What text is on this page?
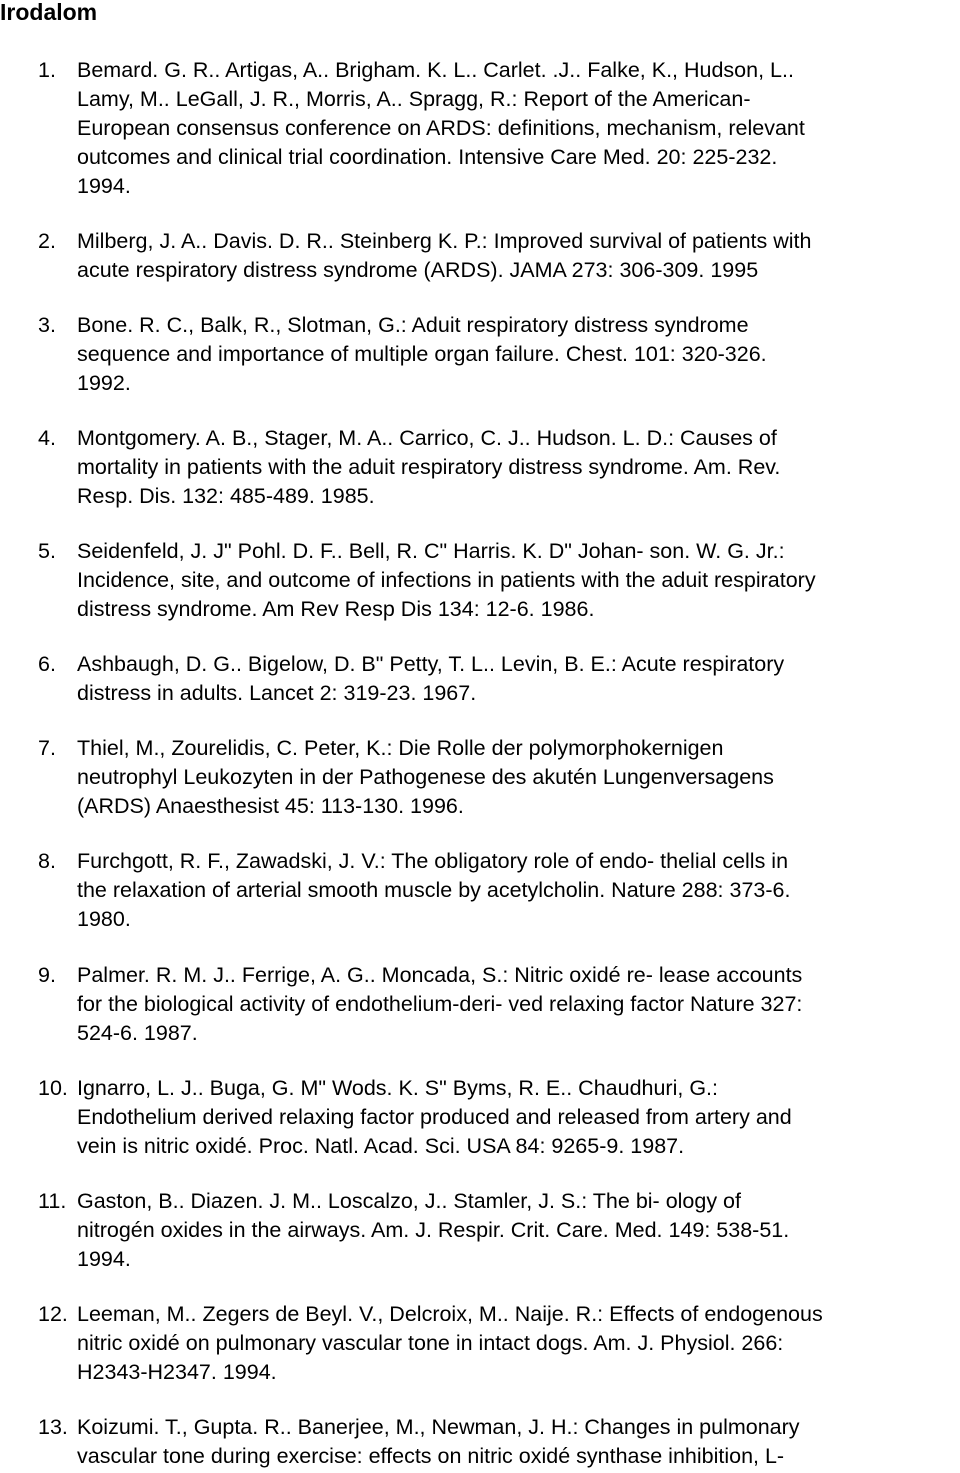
Irodalom
1. Bemard. G. R.. Artigas, A.. Brigham. K. L.. Carlet. .J.. Falke, K., Hudson, L..
Lamy, M.. LeGall, J. R., Morris, A.. Spragg, R.: Report of the American-
European consensus conference on ARDS: definitions, mechanism, relevant
outcomes and clinical trial coordination. Intensive Care Med. 20: 225-232.
1994.
2. Milberg, J. A.. Davis. D. R.. Steinberg K. P.: Improved survival of patients with
acute respiratory distress syndrome (ARDS). JAMA 273: 306-309. 1995
3. Bone. R. C., Balk, R., Slotman, G.: Aduit respiratory distress syndrome
sequence and importance of multiple organ failure. Chest. 101: 320-326.
1992.
4. Montgomery. A. B., Stager, M. A.. Carrico, C. J.. Hudson. L. D.: Causes of
mortality in patients with the aduit respiratory distress syndrome. Am. Rev.
Resp. Dis. 132: 485-489. 1985.
5. Seidenfeld, J. J" Pohl. D. F.. Bell, R. C" Harris. K. D" Johan- son. W. G. Jr.:
Incidence, site, and outcome of infections in patients with the aduit respiratory
distress syndrome. Am Rev Resp Dis 134: 12-6. 1986.
6. Ashbaugh, D. G.. Bigelow, D. B" Petty, T. L.. Levin, B. E.: Acute respiratory
distress in adults. Lancet 2: 319-23. 1967.
7. Thiel, M., Zourelidis, C. Peter, K.: Die Rolle der polymorphokernigen
neutrophyl Leukozyten in der Pathogenese des akutén Lungenversagens
(ARDS) Anaesthesist 45: 113-130. 1996.
8. Furchgott, R. F., Zawadski, J. V.: The obligatory role of endo- thelial cells in
the relaxation of arterial smooth muscle by acetylcholin. Nature 288: 373-6.
1980.
9. Palmer. R. M. J.. Ferrige, A. G.. Moncada, S.: Nitric oxidé re- lease accounts
for the biological activity of endothelium-deri- ved relaxing factor Nature 327:
524-6. 1987.
10. Ignarro, L. J.. Buga, G. M" Wods. K. S" Byms, R. E.. Chaudhuri, G.:
Endothelium derived relaxing factor produced and released from artery and
vein is nitric oxidé. Proc. Natl. Acad. Sci. USA 84: 9265-9. 1987.
11. Gaston, B.. Diazen. J. M.. Loscalzo, J.. Stamler, J. S.: The bi- ology of
nitrogén oxides in the airways. Am. J. Respir. Crit. Care. Med. 149: 538-51.
1994.
12. Leeman, M.. Zegers de Beyl. V., Delcroix, M.. Naije. R.: Effects of endogenous
nitric oxidé on pulmonary vascular tone in intact dogs. Am. J. Physiol. 266:
H2343-H2347. 1994.
13. Koizumi. T., Gupta. R.. Banerjee, M., Newman, J. H.: Changes in pulmonary
vascular tone during exercise: effects on nitric oxidé synthase inhibition, L-
